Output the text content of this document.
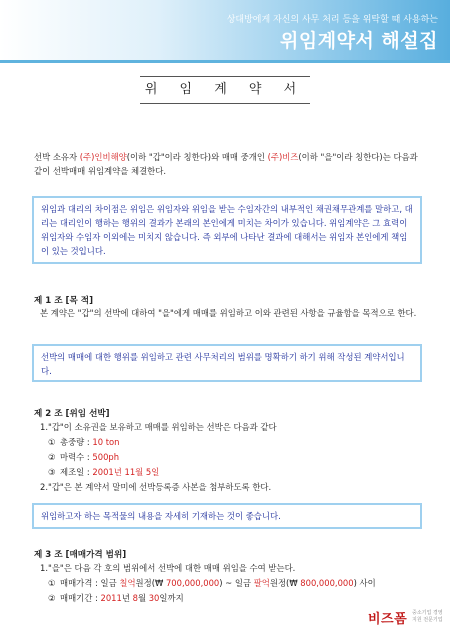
상대방에게 자신의 사무 처리 등을 위탁할 때 사용하는
위임계약서 해설집
위 임 계 약 서
선박 소유자 (주)인비해양(이하 "갑"이라 칭한다)와 매매 중개인 (주)비즈(이하 "을"이라 칭한다)는 다음과 같이 선박매매 위임계약을 체결한다.
위임과 대리의 차이점은 위임은 위임자와 위임을 받는 수임자간의 내부적인 채권채무관계를 말하고, 대리는 대리인이 행하는 행위의 결과가 본래의 본인에게 미치는 차이가 있습니다. 위임계약은 그 효력이 위임자와 수임자 이외에는 미치지 않습니다. 즉 외부에 나타난 결과에 대해서는 위임자 본인에게 책임이 있는 것입니다.
제 1 조 [목 적]
본 계약은 "갑"의 선박에 대하여 "을"에게 매매를 위임하고 이와 관련된 사항을 규율함을 목적으로 한다.
선박의 매매에 대한 행위를 위임하고 관련 사무처리의 범위를 명확하기 하기 위해 작성된 계약서입니다.
제 2 조 [위임 선박]
1."갑"이 소유권을 보유하고 매매를 위임하는 선박은 다음과 같다
① 총중량 : 10 ton
② 마력수 : 500ph
③ 제조일 : 2001년 11월 5일
2."갑"은 본 계약서 말미에 선박등록증 사본을 첨부하도록 한다.
위임하고자 하는 목적물의 내용을 자세히 기재하는 것이 좋습니다.
제 3 조 [매매가격 범위]
1."을"은 다음 각 호의 범위에서 선박에 대한 매매 위임을 수여 받는다.
① 매매가격 : 일금 칠억원정(₩ 700,000,000) ~ 일금 팔억원정(₩ 800,000,000) 사이
② 매매기간 : 2011년 8월 30일까지
비즈폼 중소기업 경영지원 전문기업
